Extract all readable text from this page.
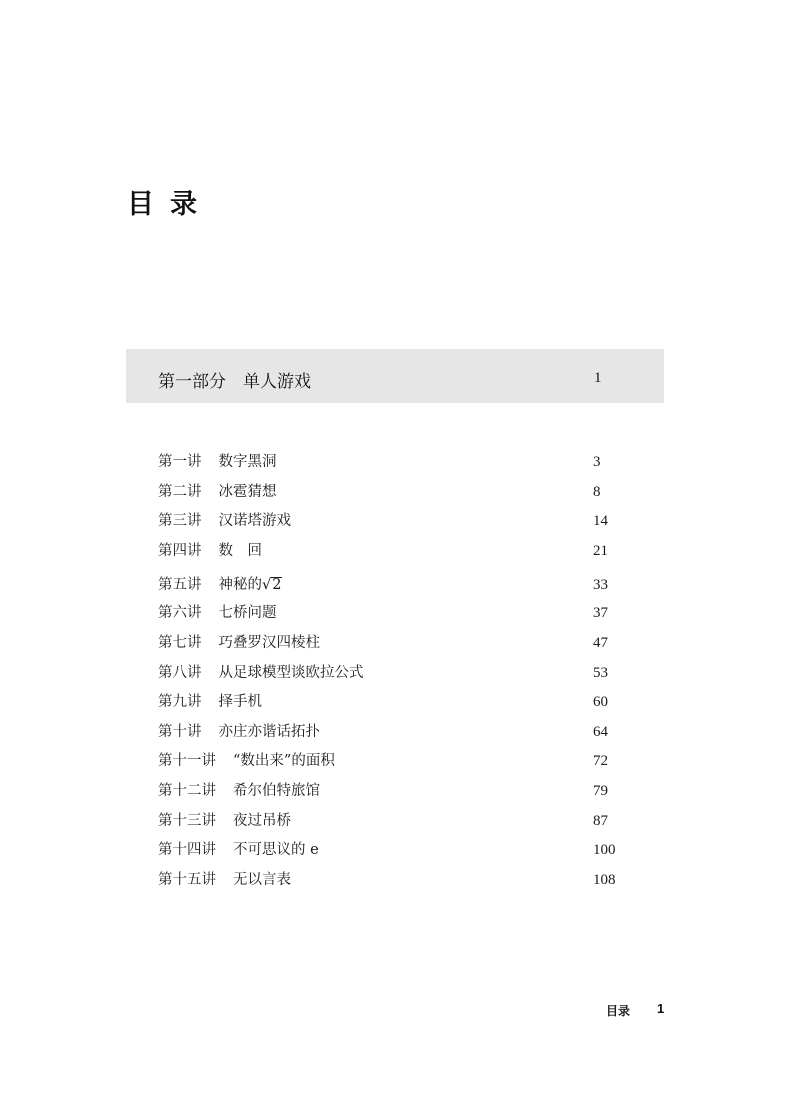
目录
第一部分　单人游戏	1
第一讲 数字黑洞	3
第二讲 冰雹猜想	8
第三讲 汉诺塔游戏	14
第四讲 数　回	21
第五讲 神秘的√2	33
第六讲 七桥问题	37
第七讲 巧叠罗汉四棱柱	47
第八讲 从足球模型谈欧拉公式	53
第九讲 择手机	60
第十讲 亦庄亦谐话拓扑	64
第十一讲 “数出来”的面积	72
第十二讲 希尔伯特旅馆	79
第十三讲 夜过吊桥	87
第十四讲 不可思议的 e	100
第十五讲 无以言表	108
目录 1
